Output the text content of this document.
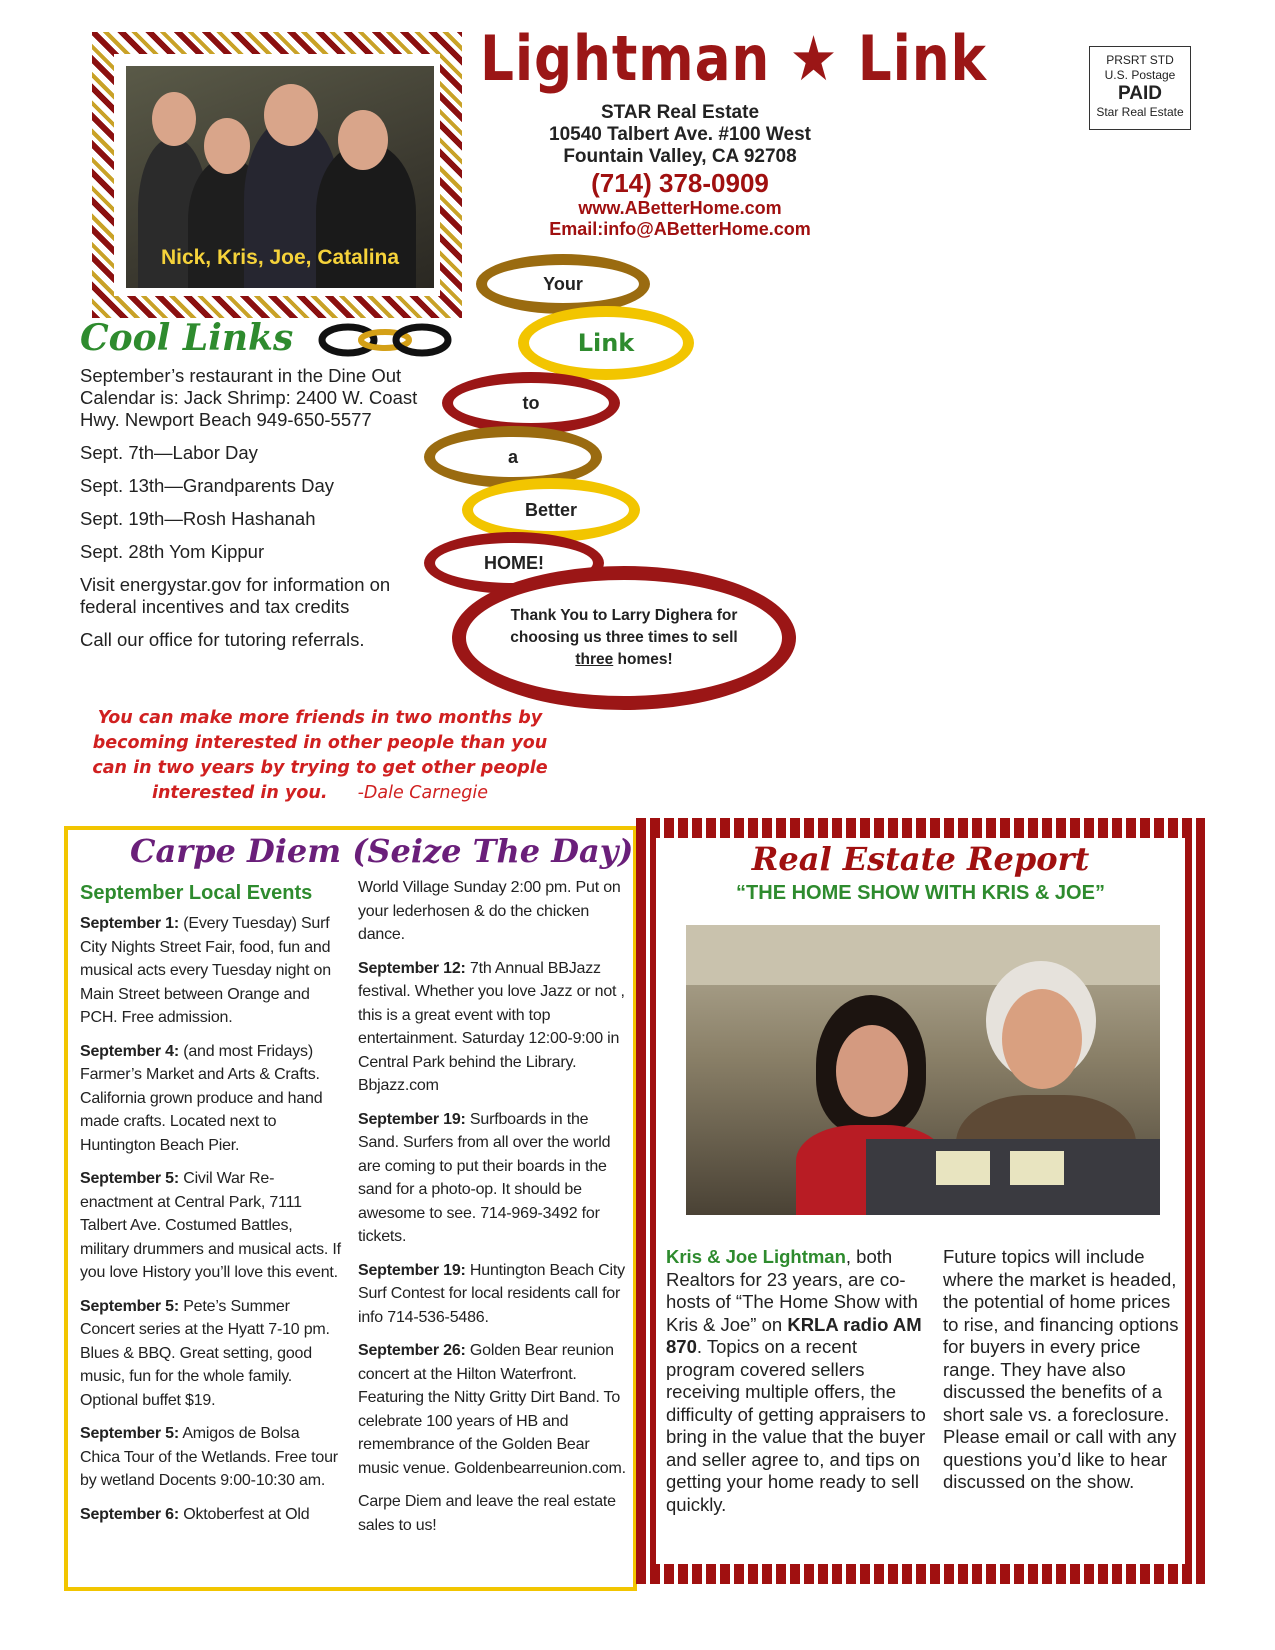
Nick, Kris, Joe, Catalina
Lightman ★ Link
STAR Real Estate
10540 Talbert Ave. #100 West
Fountain Valley, CA 92708
(714) 378-0909
www.ABetterHome.com
Email:info@ABetterHome.com
PRSRT STD
U.S. Postage
PAID
Star Real Estate
Cool Links

September’s restaurant in the Dine Out Calendar is: Jack Shrimp: 2400 W. Coast Hwy. Newport Beach 949-650-5577

Sept. 7th—Labor Day

Sept. 13th—Grandparents Day

Sept. 19th—Rosh Hashanah

Sept. 28th Yom Kippur

Visit energystar.gov for information on federal incentives and tax credits

Call our office for tutoring referrals.

Your
Link
to
a
Better
HOME!
Thank You to Larry Dighera for choosing us three times to sell three homes!
You can make more friends in two months by becoming interested in other people than you can in two years by trying to get other people interested in you. -Dale Carnegie
Carpe Diem (Seize The Day)
September Local Events

September 1: (Every Tuesday) Surf City Nights Street Fair, food, fun and musical acts every Tuesday night on Main Street between Orange and PCH. Free admission.

September 4: (and most Fridays) Farmer’s Market and Arts & Crafts. California grown produce and hand made crafts. Located next to Huntington Beach Pier.

September 5: Civil War Re-enactment at Central Park, 7111 Talbert Ave. Costumed Battles, military drummers and musical acts. If you love History you’ll love this event.

September 5: Pete’s Summer Concert series at the Hyatt 7-10 pm. Blues & BBQ. Great setting, good music, fun for the whole family. Optional buffet $19.

September 5: Amigos de Bolsa Chica Tour of the Wetlands. Free tour by wetland Docents 9:00-10:30 am.

September 6: Oktoberfest at Old

World Village Sunday 2:00 pm. Put on your lederhosen & do the chicken dance.

September 12: 7th Annual BBJazz festival. Whether you love Jazz or not , this is a great event with top entertainment. Saturday 12:00-9:00 in Central Park behind the Library. Bbjazz.com

September 19: Surfboards in the Sand. Surfers from all over the world are coming to put their boards in the sand for a photo-op. It should be awesome to see. 714-969-3492 for tickets.

September 19: Huntington Beach City Surf Contest for local residents call for info 714-536-5486.

September 26: Golden Bear reunion concert at the Hilton Waterfront. Featuring the Nitty Gritty Dirt Band. To celebrate 100 years of HB and remembrance of the Golden Bear music venue. Goldenbearreunion.com.

Carpe Diem and leave the real estate sales to us!

Real Estate Report
“THE HOME SHOW WITH KRIS & JOE”
Kris & Joe Lightman, both Realtors for 23 years, are co-hosts of “The Home Show with Kris & Joe” on KRLA radio AM 870. Topics on a recent program covered sellers receiving multiple offers, the difficulty of getting appraisers to bring in the value that the buyer and seller agree to, and tips on getting your home ready to sell quickly.
Future topics will include where the market is headed, the potential of home prices to rise, and financing options for buyers in every price range. They have also discussed the benefits of a short sale vs. a foreclosure. Please email or call with any questions you’d like to hear discussed on the show.
